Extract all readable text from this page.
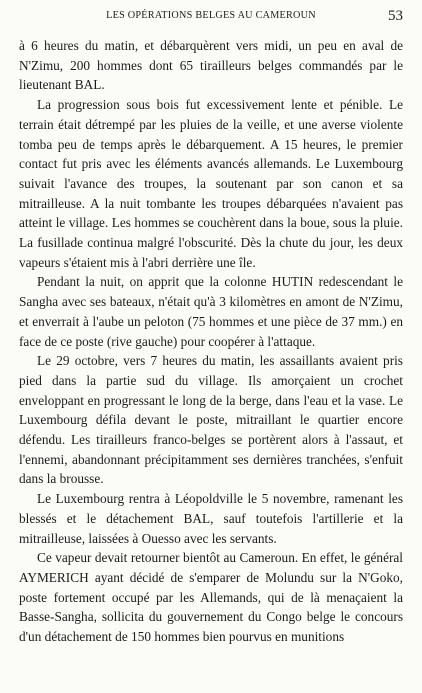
LES OPÉRATIONS BELGES AU CAMEROUN	53

à 6 heures du matin, et débarquèrent vers midi, un peu en aval de N'Zimu, 200 hommes dont 65 tirailleurs belges commandés par le lieutenant BAL.

La progression sous bois fut excessivement lente et pénible. Le terrain était détrempé par les pluies de la veille, et une averse violente tomba peu de temps après le débarquement. A 15 heures, le premier contact fut pris avec les éléments avancés allemands. Le Luxembourg suivait l'avance des troupes, la soutenant par son canon et sa mitrailleuse. A la nuit tombante les troupes débarquées n'avaient pas atteint le village. Les hommes se couchèrent dans la boue, sous la pluie. La fusillade continua malgré l'obscurité. Dès la chute du jour, les deux vapeurs s'étaient mis à l'abri derrière une île.

Pendant la nuit, on apprit que la colonne HUTIN redescendant le Sangha avec ses bateaux, n'était qu'à 3 kilomètres en amont de N'Zimu, et enverrait à l'aube un peloton (75 hommes et une pièce de 37 mm.) en face de ce poste (rive gauche) pour coopérer à l'attaque.

Le 29 octobre, vers 7 heures du matin, les assaillants avaient pris pied dans la partie sud du village. Ils amorçaient un crochet enveloppant en progressant le long de la berge, dans l'eau et la vase. Le Luxembourg défila devant le poste, mitraillant le quartier encore défendu. Les tirailleurs franco-belges se portèrent alors à l'assaut, et l'ennemi, abandonnant précipitamment ses dernières tranchées, s'enfuit dans la brousse.

Le Luxembourg rentra à Léopoldville le 5 novembre, ramenant les blessés et le détachement BAL, sauf toutefois l'artillerie et la mitrailleuse, laissées à Ouesso avec les servants.

Ce vapeur devait retourner bientôt au Cameroun. En effet, le général AYMERICH ayant décidé de s'emparer de Molundu sur la N'Goko, poste fortement occupé par les Allemands, qui de là menaçaient la Basse-Sangha, sollicita du gouvernement du Congo belge le concours d'un détachement de 150 hommes bien pourvus en munitions
